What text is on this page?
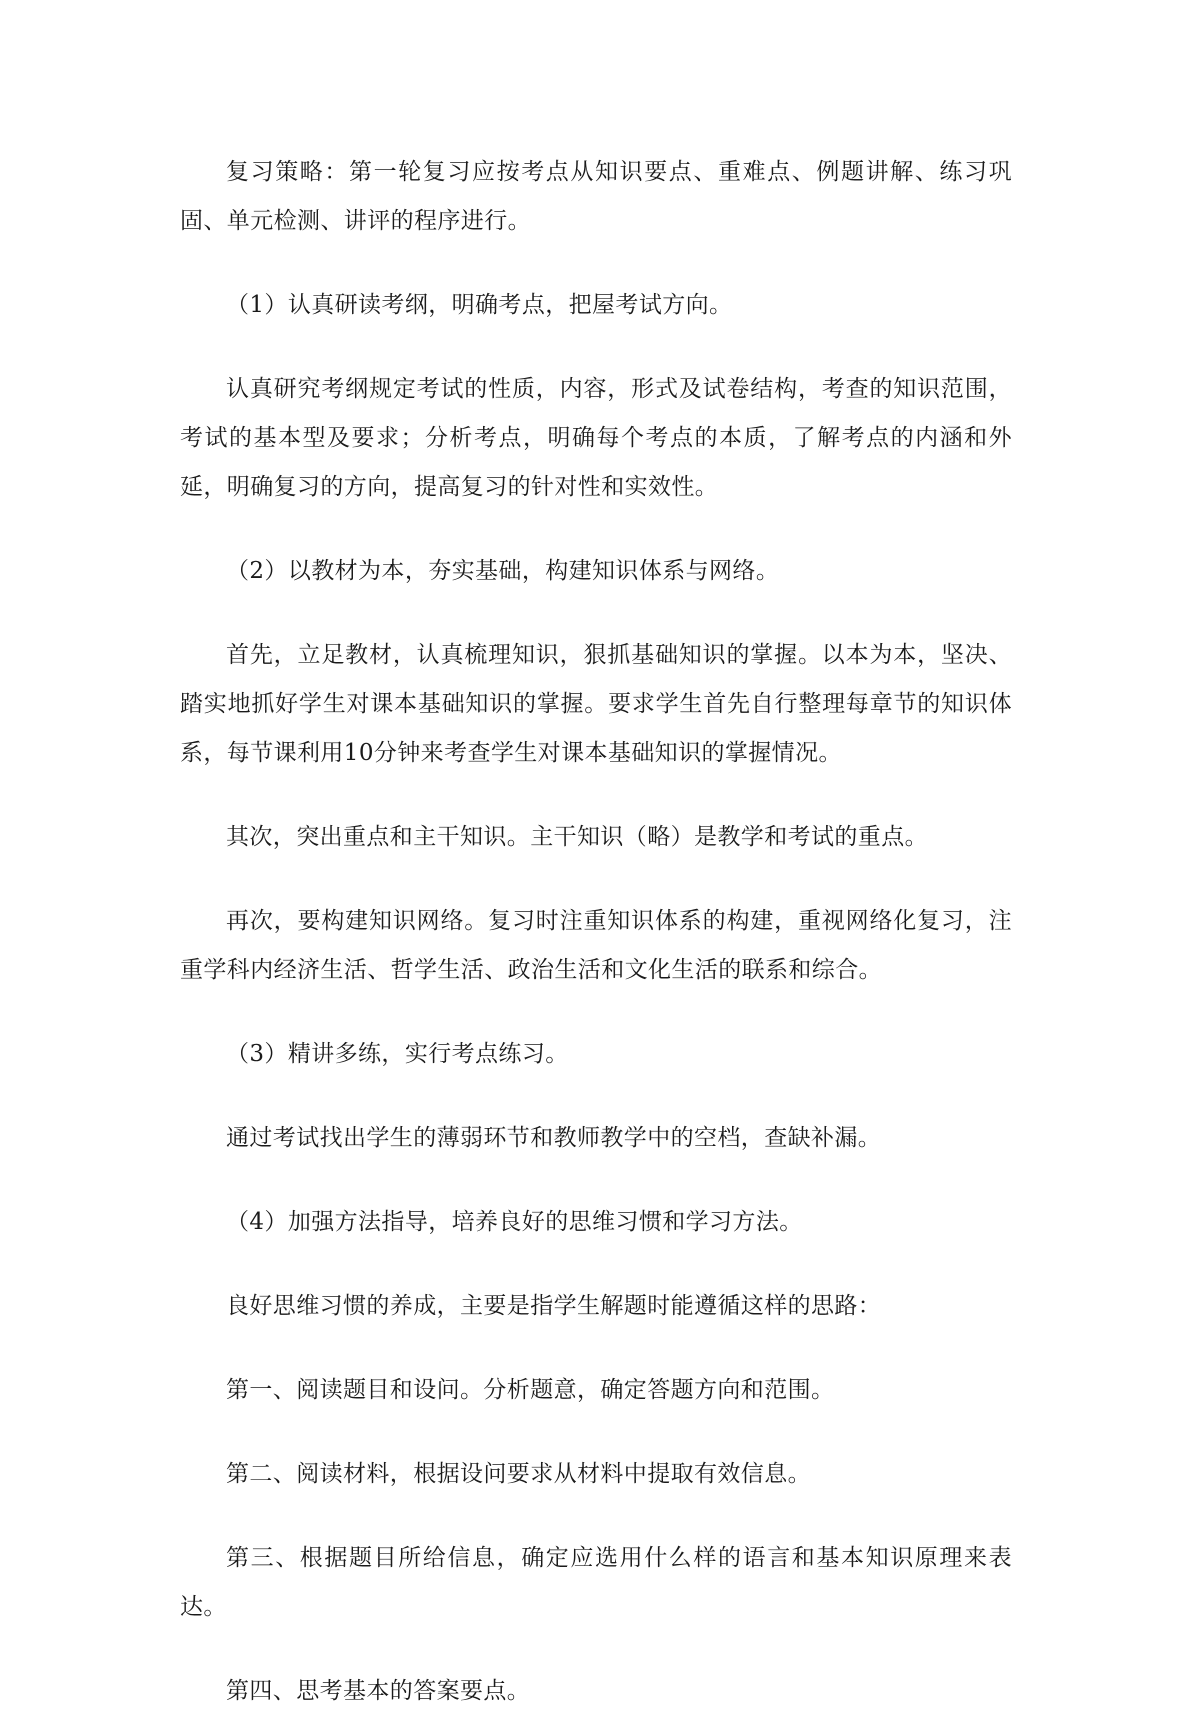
复习策略：第一轮复习应按考点从知识要点、重难点、例题讲解、练习巩固、单元检测、讲评的程序进行。

（1）认真研读考纲，明确考点，把屋考试方向。

认真研究考纲规定考试的性质，内容，形式及试卷结构，考查的知识范围，考试的基本型及要求；分析考点，明确每个考点的本质，了解考点的内涵和外延，明确复习的方向，提高复习的针对性和实效性。

（2）以教材为本，夯实基础，构建知识体系与网络。

首先，立足教材，认真梳理知识，狠抓基础知识的掌握。以本为本，坚决、踏实地抓好学生对课本基础知识的掌握。要求学生首先自行整理每章节的知识体系，每节课利用10分钟来考查学生对课本基础知识的掌握情况。

其次，突出重点和主干知识。主干知识（略）是教学和考试的重点。

再次，要构建知识网络。复习时注重知识体系的构建，重视网络化复习，注重学科内经济生活、哲学生活、政治生活和文化生活的联系和综合。

（3）精讲多练，实行考点练习。

通过考试找出学生的薄弱环节和教师教学中的空档，查缺补漏。

（4）加强方法指导，培养良好的思维习惯和学习方法。

良好思维习惯的养成，主要是指学生解题时能遵循这样的思路：

第一、阅读题目和设问。分析题意，确定答题方向和范围。

第二、阅读材料，根据设问要求从材料中提取有效信息。

第三、根据题目所给信息，确定应选用什么样的语言和基本知识原理来表达。

第四、思考基本的答案要点。
